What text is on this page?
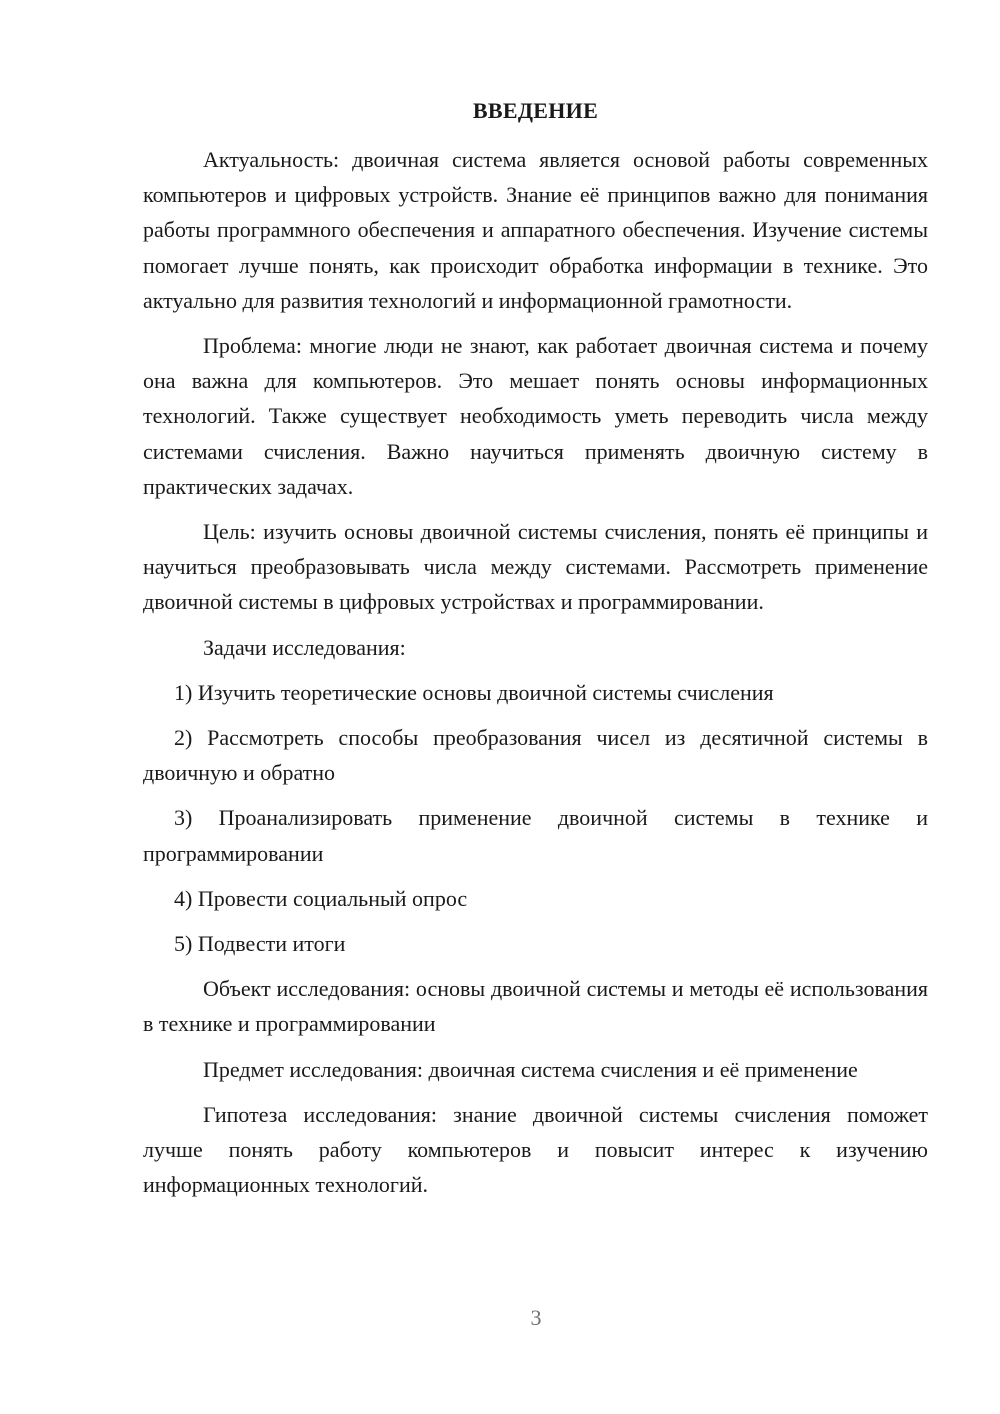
ВВЕДЕНИЕ

Актуальность: двоичная система является основой работы современных компьютеров и цифровых устройств. Знание её принципов важно для понимания работы программного обеспечения и аппаратного обеспечения. Изучение системы помогает лучше понять, как происходит обработка информации в технике. Это актуально для развития технологий и информационной грамотности.

Проблема: многие люди не знают, как работает двоичная система и почему она важна для компьютеров. Это мешает понять основы информационных технологий. Также существует необходимость уметь переводить числа между системами счисления. Важно научиться применять двоичную систему в практических задачах.

Цель: изучить основы двоичной системы счисления, понять её принципы и научиться преобразовывать числа между системами. Рассмотреть применение двоичной системы в цифровых устройствах и программировании.

Задачи исследования:

1) Изучить теоретические основы двоичной системы счисления

2) Рассмотреть способы преобразования чисел из десятичной системы в двоичную и обратно

3) Проанализировать применение двоичной системы в технике и программировании

4) Провести социальный опрос

5) Подвести итоги

Объект исследования: основы двоичной системы и методы её использования в технике и программировании

Предмет исследования: двоичная система счисления и её применение

Гипотеза исследования: знание двоичной системы счисления поможет лучше понять работу компьютеров и повысит интерес к изучению информационных технологий.

3
